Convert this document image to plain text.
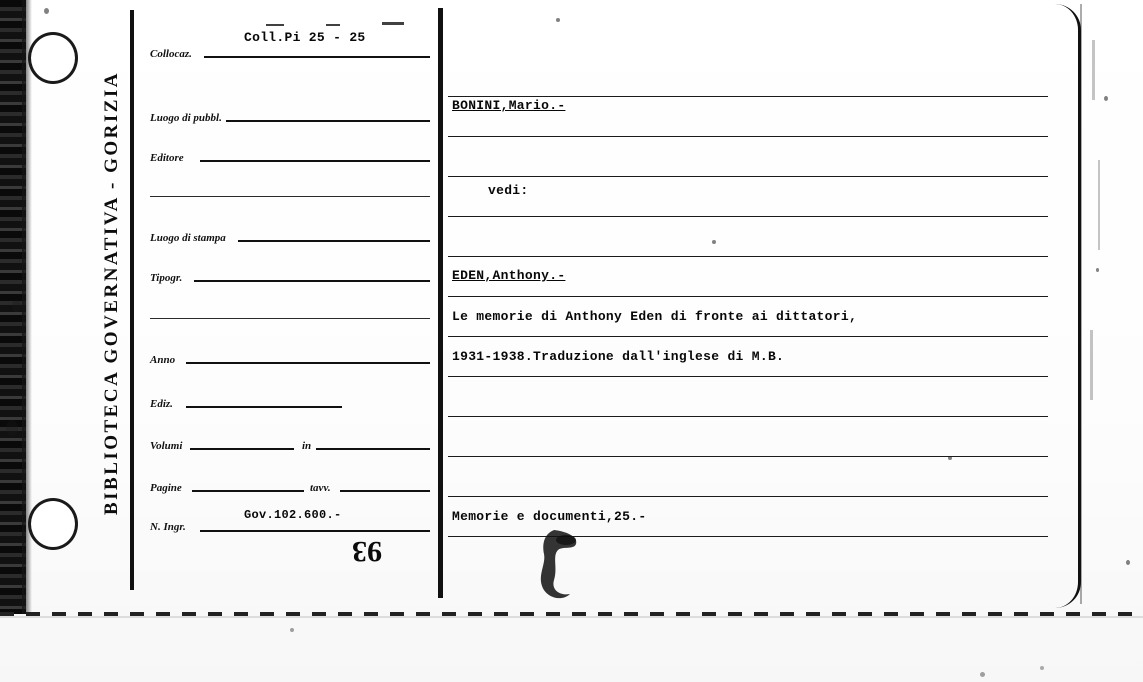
BIBLIOTECA GOVERNATIVA - GORIZIA
Collocaz.
Luogo di pubbl.
Editore
Luogo di stampa
Tipogr.
Anno
Ediz.
Volumi	in
Pagine	tavv.
N. Ingr.
Coll.Pi 25 - 25
Gov.102.600.-
BONINI,Mario.-
vedi:
EDEN,Anthony.-
Le memorie di Anthony Eden di fronte ai dittatori,
1931-1938.Traduzione dall'inglese di M.B.
Memorie e documenti,25.-
93
